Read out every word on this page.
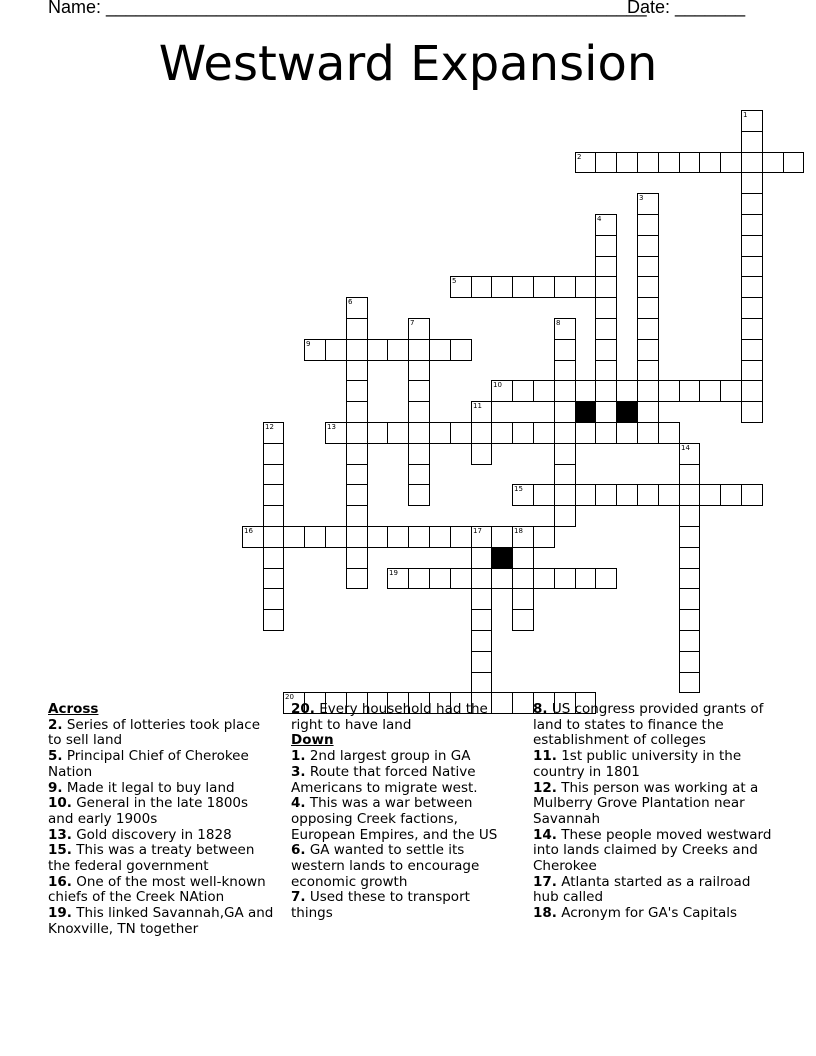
Name: ______________________________________________________
Date: _______
Westward Expansion
1
2
3
4
5
6
7	8
9
10
11
12	13
14
15
16	17	18
19
20
Across
2. Series of lotteries took place to sell land
5. Principal Chief of Cherokee Nation
9. Made it legal to buy land
10. General in the late 1800s and early 1900s
13. Gold discovery in 1828
15. This was a treaty between the federal government
16. One of the most well-known chiefs of the Creek NAtion
19. This linked Savannah,GA and Knoxville, TN together
20. Every household had the right to have land
Down
1. 2nd largest group in GA
3. Route that forced Native Americans to migrate west.
4. This was a war between opposing Creek factions, European Empires, and the US
6. GA wanted to settle its western lands to encourage economic growth
7. Used these to transport things
8. US congress provided grants of land to states to finance the establishment of colleges
11. 1st public university in the country in 1801
12. This person was working at a Mulberry Grove Plantation near Savannah
14. These people moved westward into lands claimed by Creeks and Cherokee
17. Atlanta started as a railroad hub called
18. Acronym for GA's Capitals
